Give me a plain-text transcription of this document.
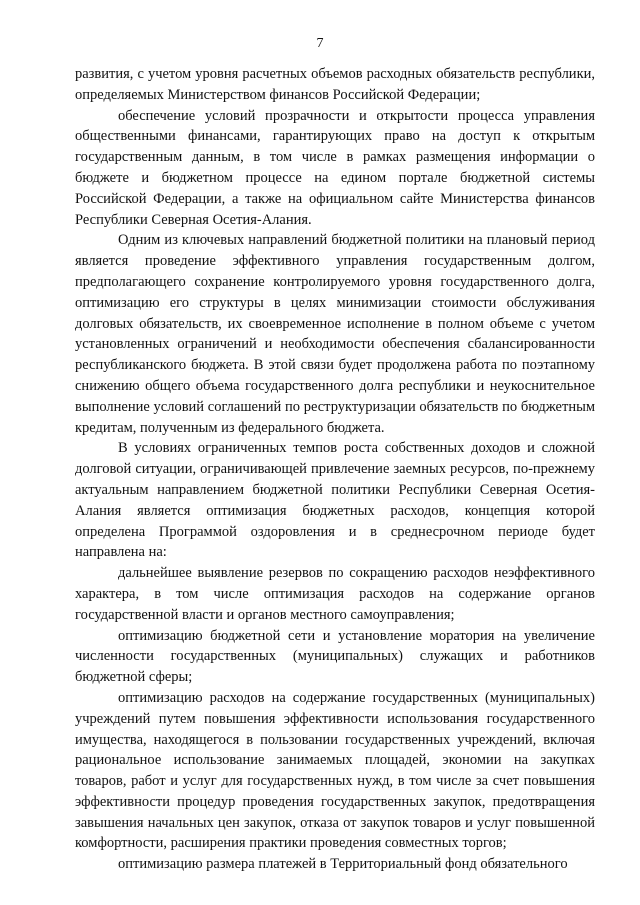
7

развития, с учетом уровня расчетных объемов расходных обязательств республики, определяемых Министерством финансов Российской Федерации;

обеспечение условий прозрачности и открытости процесса управления общественными финансами, гарантирующих право на доступ к открытым государственным данным, в том числе в рамках размещения информации о бюджете и бюджетном процессе на едином портале бюджетной системы Российской Федерации, а также на официальном сайте Министерства финансов Республики Северная Осетия-Алания.

Одним из ключевых направлений бюджетной политики на плановый период является проведение эффективного управления государственным долгом, предполагающего сохранение контролируемого уровня государственного долга, оптимизацию его структуры в целях минимизации стоимости обслуживания долговых обязательств, их своевременное исполнение в полном объеме с учетом установленных ограничений и необходимости обеспечения сбалансированности республиканского бюджета. В этой связи будет продолжена работа по поэтапному снижению общего объема государственного долга республики и неукоснительное выполнение условий соглашений по реструктуризации обязательств по бюджетным кредитам, полученным из федерального бюджета.

В условиях ограниченных темпов роста собственных доходов и сложной долговой ситуации, ограничивающей привлечение заемных ресурсов, по-прежнему актуальным направлением бюджетной политики Республики Северная Осетия-Алания является оптимизация бюджетных расходов, концепция которой определена Программой оздоровления и в среднесрочном периоде будет направлена на:

дальнейшее выявление резервов по сокращению расходов неэффективного характера, в том числе оптимизация расходов на содержание органов государственной власти и органов местного самоуправления;

оптимизацию бюджетной сети и установление моратория на увеличение численности государственных (муниципальных) служащих и работников бюджетной сферы;

оптимизацию расходов на содержание государственных (муниципальных) учреждений путем повышения эффективности использования государственного имущества, находящегося в пользовании государственных учреждений, включая рациональное использование занимаемых площадей, экономии на закупках товаров, работ и услуг для государственных нужд, в том числе за счет повышения эффективности процедур проведения государственных закупок, предотвращения завышения начальных цен закупок, отказа от закупок товаров и услуг повышенной комфортности, расширения практики проведения совместных торгов;

оптимизацию размера платежей в Территориальный фонд обязательного
